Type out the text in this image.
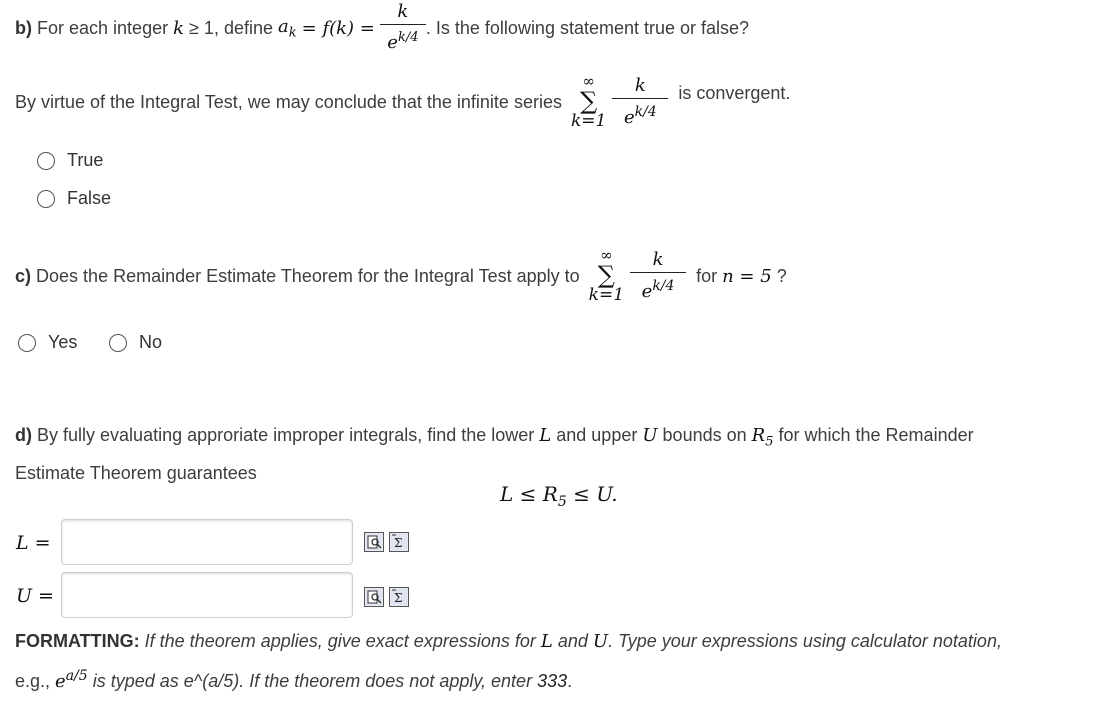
b)
For each integer
k
≥ 1, define
$a_k$
= f(k) =
$\frac{k}{e^{k/4}}$ . Is the following statement true or false?
By virtue of the Integral Test, we may conclude that the infinite series

∞
∑
$k=1 \frac{k}{e^{k/4}}$
is convergent.
True
False
c)
Does the Remainder Estimate Theorem for the Integral Test apply to

∞
∑
$k=1 \frac{k}{e^{k/4}}$
for
n = 5
?
Yes	No
d) By fully evaluating approriate improper integrals, find the lower L and upper U bounds on $R_5$ for which the Remainder
Estimate Theorem guarantees
$L \le R_5 \le U$.
L =	Σ
U =	Σ
FORMATTING: If the theorem applies, give exact expressions for L and U. Type your expressions using calculator notation,
e.g., $e^{a/5}$ is typed as e^(a/5). If the theorem does not apply, enter 333.
